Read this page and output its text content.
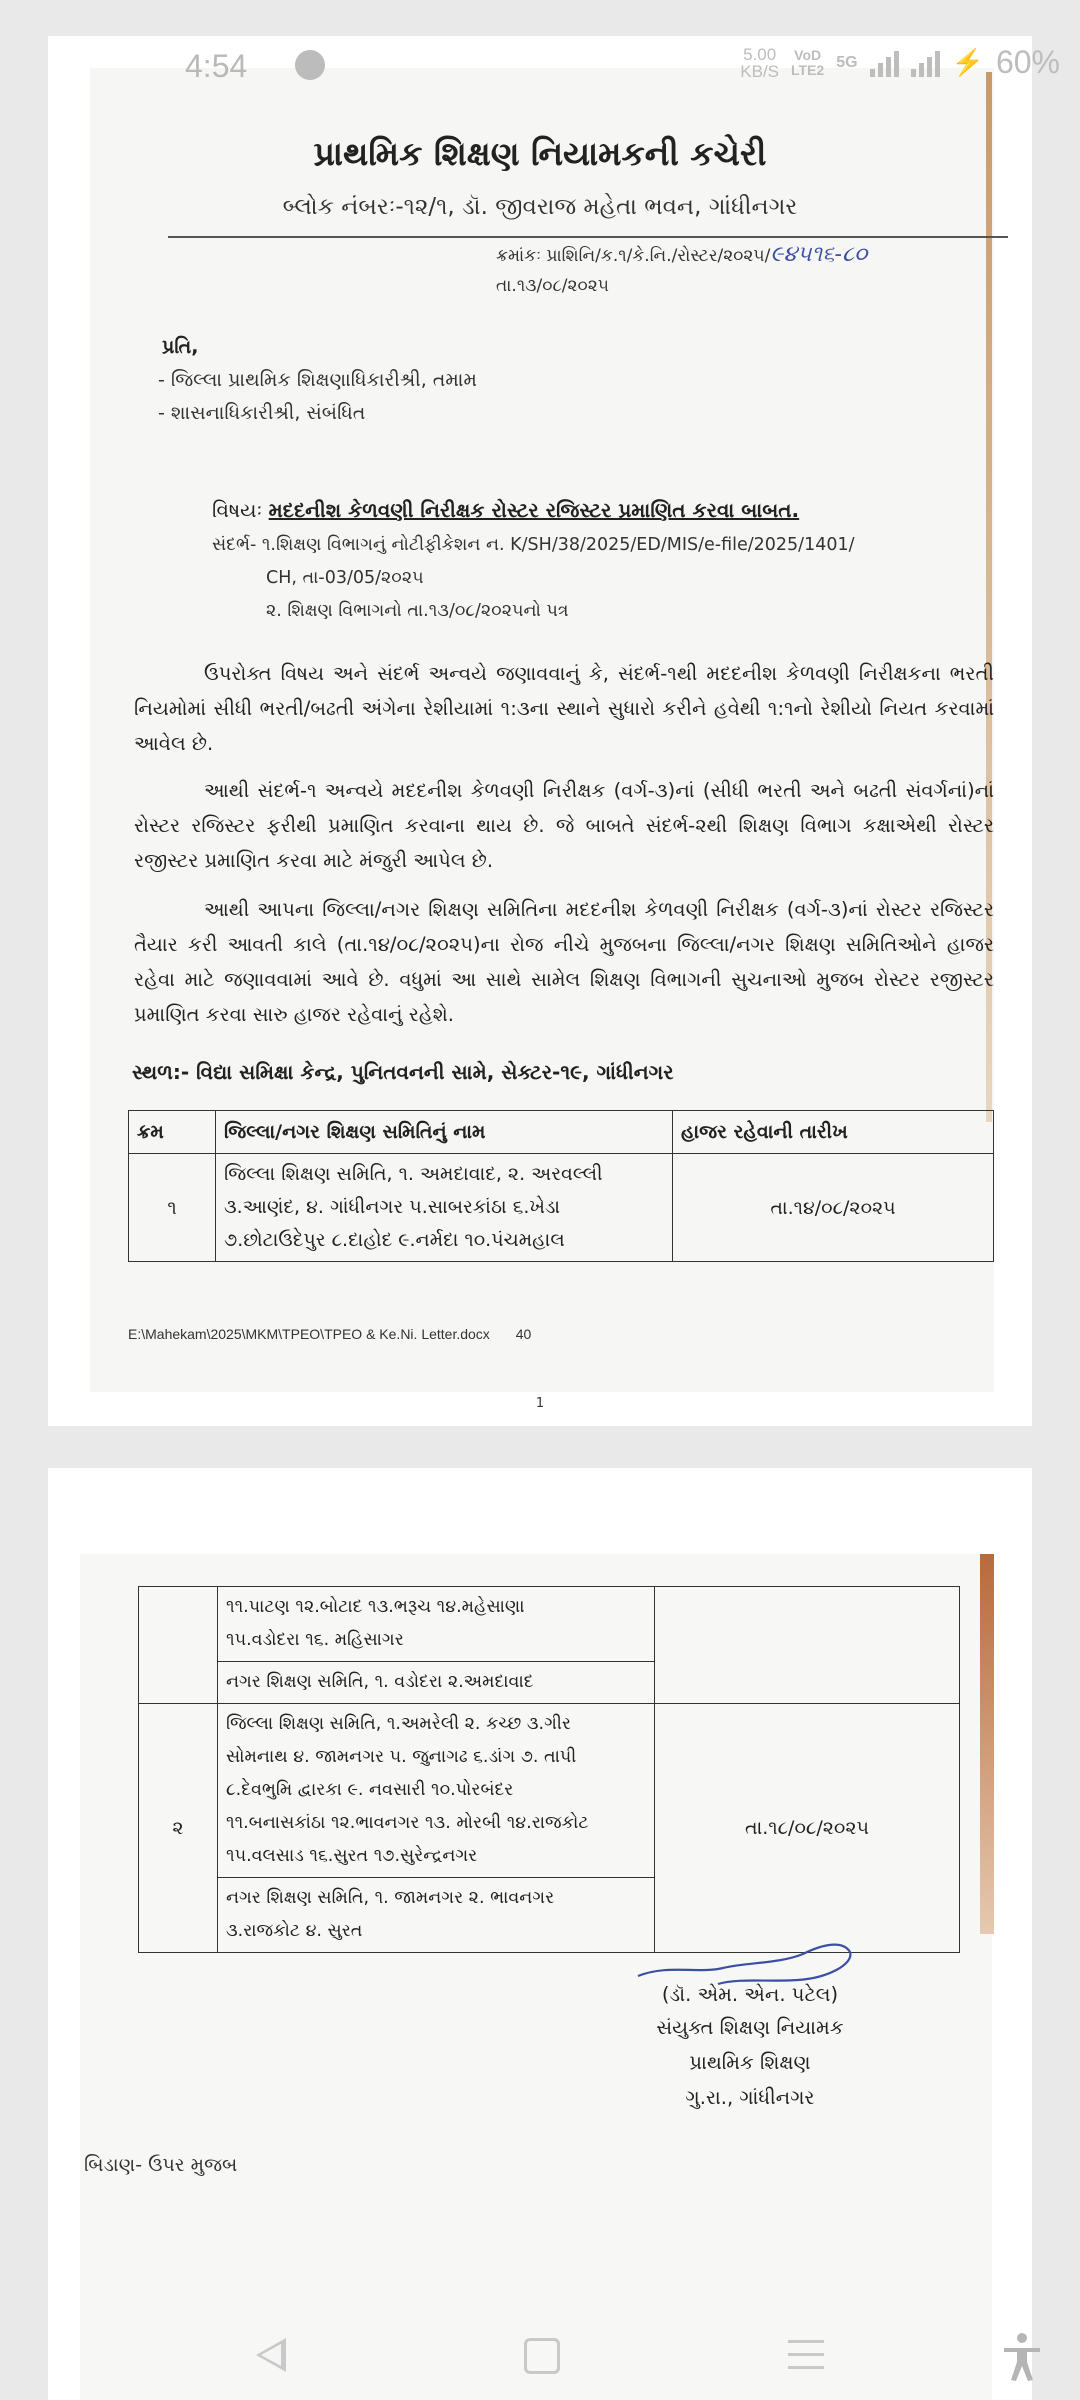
4:54	5.00
KB/S
VoD
LTE2 5G	⚡ 60%
પ્રાથમિક શિક્ષણ નિયામકની કચેરી
બ્લોક નંબરઃ-૧૨/૧, ડૉ. જીવરાજ મહેતા ભવન, ગાંધીનગર
ક્રમાંકઃ પ્રાશિનિ/ક.૧/કે.નિ./રોસ્ટર/૨૦૨૫/૯૪૫૧૬-૮૦
તા.૧૩/૦૮/૨૦૨૫
પ્રતિ,
- જિલ્લા પ્રાથમિક શિક્ષણાધિકારીશ્રી, તમામ
- શાસનાધિકારીશ્રી, સંબંધિત
વિષયઃ મદદનીશ કેળવણી નિરીક્ષક રોસ્ટર રજિસ્ટર પ્રમાણિત કરવા બાબત.
સંદર્ભ- ૧.શિક્ષણ વિભાગનું નોટીફીકેશન ન. K/SH/38/2025/ED/MIS/e-file/2025/1401/
CH, તા-03/05/૨૦૨૫
૨. શિક્ષણ વિભાગનો તા.૧૩/૦૮/૨૦૨૫નો પત્ર
ઉપરોક્ત વિષય અને સંદર્ભ અન્વયે જણાવવાનું કે, સંદર્ભ-૧થી મદદનીશ કેળવણી નિરીક્ષકના ભરતી નિયમોમાં સીધી ભરતી/બઢતી અંગેના રેશીયામાં ૧:૩ના સ્થાને સુધારો કરીને હવેથી ૧:૧નો રેશીયો નિયત કરવામાં આવેલ છે.
આથી સંદર્ભ-૧ અન્વયે મદદનીશ કેળવણી નિરીક્ષક (વર્ગ-૩)નાં (સીધી ભરતી અને બઢતી સંવર્ગનાં)નાં રોસ્ટર રજિસ્ટર ફરીથી પ્રમાણિત કરવાના થાય છે. જે બાબતે સંદર્ભ-૨થી શિક્ષણ વિભાગ કક્ષાએથી રોસ્ટર રજીસ્ટર પ્રમાણિત કરવા માટે મંજુરી આપેલ છે.
આથી આપના જિલ્લા/નગર શિક્ષણ સમિતિના મદદનીશ કેળવણી નિરીક્ષક (વર્ગ-૩)નાં રોસ્ટર રજિસ્ટર તૈયાર કરી આવતી કાલે (તા.૧૪/૦૮/૨૦૨૫)ના રોજ નીચે મુજબના જિલ્લા/નગર શિક્ષણ સમિતિઓને હાજર રહેવા માટે જણાવવામાં આવે છે. વધુમાં આ સાથે સામેલ શિક્ષણ વિભાગની સુચનાઓ મુજબ રોસ્ટર રજીસ્ટર પ્રમાણિત કરવા સારુ હાજર રહેવાનું રહેશે.
સ્થળ:- વિદ્યા સમિક્ષા કેન્દ્ર, પુનિતવનની સામે, સેક્ટર-૧૯, ગાંધીનગર
ક્રમ	જિલ્લા/નગર શિક્ષણ સમિતિનું નામ	હાજર રહેવાની તારીખ
૧	જિલ્લા શિક્ષણ સમિતિ, ૧. અમદાવાદ, ૨. અરવલ્લી
૩.આણંદ, ૪. ગાંધીનગર ૫.સાબરકાંઠા ૬.ખેડા
૭.છોટાઉદેપુર ૮.દાહોદ ૯.નર્મદા ૧૦.પંચમહાલ	તા.૧૪/૦૮/૨૦૨૫
E:\Mahekam\2025\MKM\TPEO\TPEO & Ke.Ni. Letter.docx 40
1

	૧૧.પાટણ ૧૨.બોટાદ ૧૩.ભરૂચ ૧૪.મહેસાણા
૧૫.વડોદરા ૧૬. મહિસાગર	

	નગર શિક્ષણ સમિતિ, ૧. વડોદરા ૨.અમદાવાદ	

૨	જિલ્લા શિક્ષણ સમિતિ, ૧.અમરેલી ૨. કચ્છ ૩.ગીર
સોમનાથ ૪. જામનગર ૫. જુનાગઢ ૬.ડાંગ ૭. તાપી
૮.દેવભુમિ દ્વારકા ૯. નવસારી ૧૦.પોરબંદર
૧૧.બનાસકાંઠા ૧૨.ભાવનગર ૧૩. મોરબી ૧૪.રાજકોટ
૧૫.વલસાડ ૧૬.સુરત ૧૭.સુરેન્દ્રનગર	તા.૧૮/૦૮/૨૦૨૫

	નગર શિક્ષણ સમિતિ, ૧. જામનગર ૨. ભાવનગર
૩.રાજકોટ ૪. સુરત	
(ડૉ. એમ. એન. પટેલ)
સંયુક્ત શિક્ષણ નિયામક
પ્રાથમિક શિક્ષણ
ગુ.રા., ગાંધીનગર
બિડાણ- ઉપર મુજબ
